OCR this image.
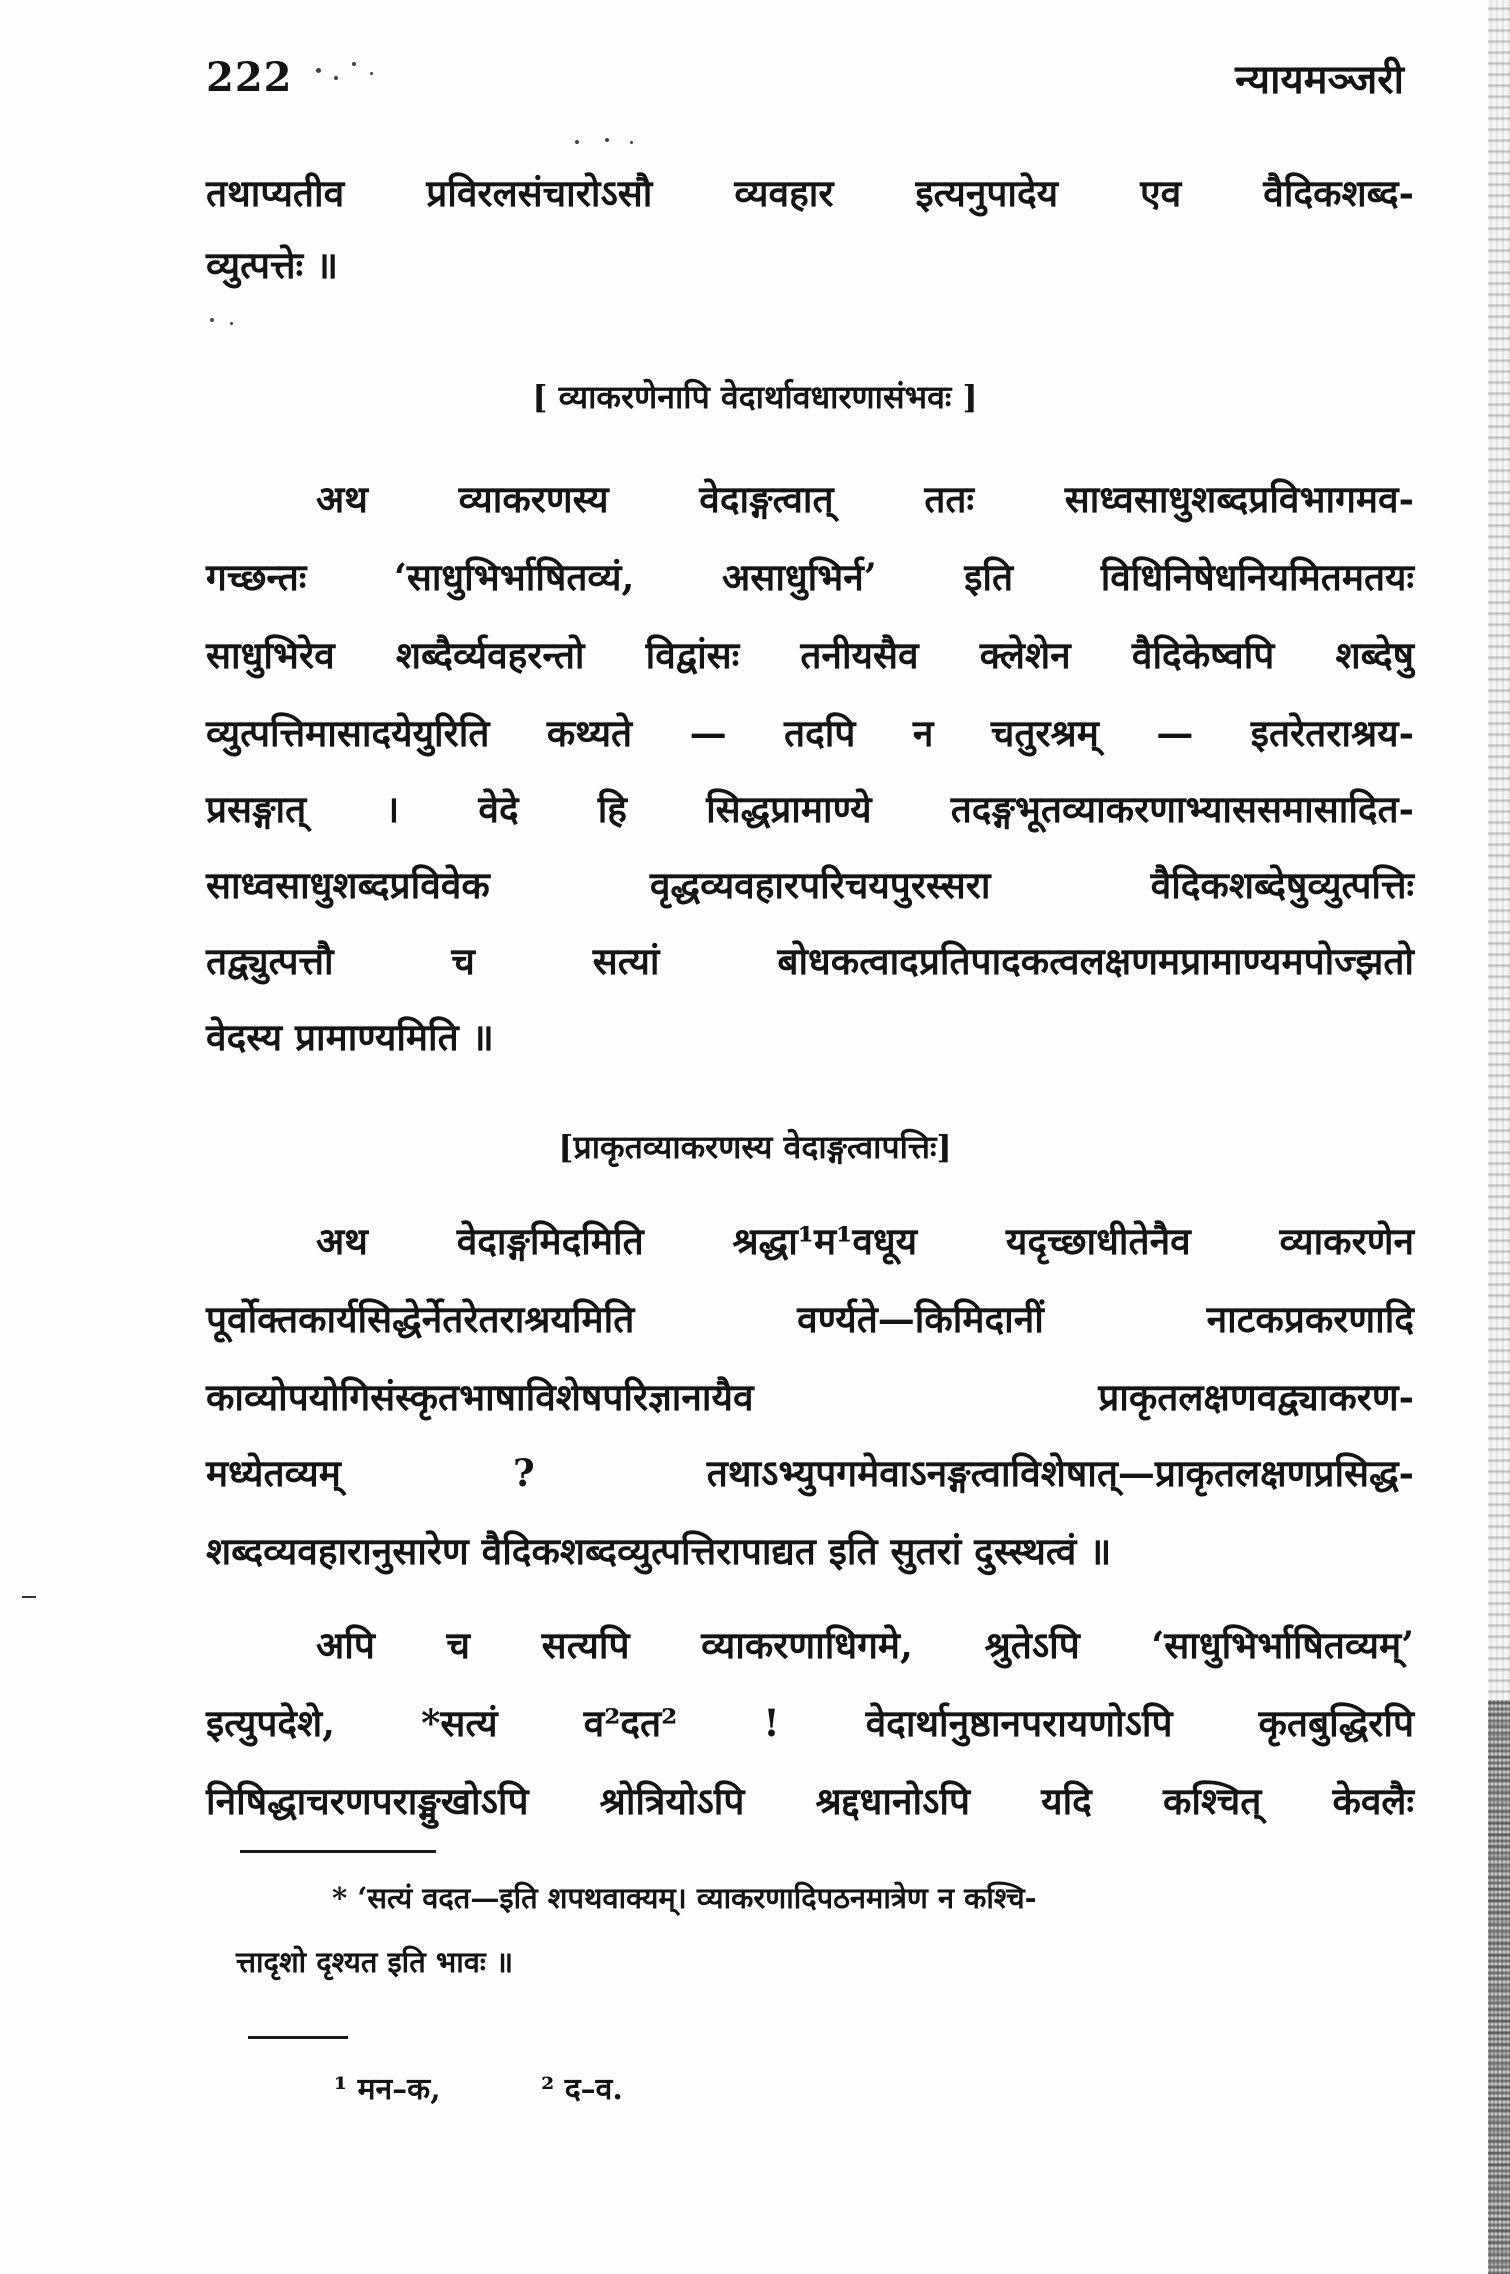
222	न्यायमञ्जरी
तथाप्यतीव प्रविरलसंचारोऽसौ व्यवहार इत्यनुपादेय एव वैदिकशब्द-
व्युत्पत्तेः ॥
[ व्याकरणेनापि वेदार्थावधारणासंभवः ]
अथ व्याकरणस्य वेदाङ्गत्वात् ततः साध्वसाधुशब्दप्रविभागमव-
गच्छन्तः ‘साधुभिर्भाषितव्यं, असाधुभिर्न’ इति विधिनिषेधनियमितमतयः
साधुभिरेव शब्दैर्व्यवहरन्तो विद्वांसः तनीयसैव क्लेशेन वैदिकेष्वपि शब्देषु
व्युत्पत्तिमासादयेयुरिति कथ्यते — तदपि न चतुरश्रम् — इतरेतराश्रय-
प्रसङ्गात् । वेदे हि सिद्धप्रामाण्ये तदङ्गभूतव्याकरणाभ्याससमासादित-
साध्वसाधुशब्दप्रविवेक वृद्धव्यवहारपरिचयपुरस्सरा वैदिकशब्देषुव्युत्पत्तिः
तद्व्युत्पत्तौ च सत्यां बोधकत्वादप्रतिपादकत्वलक्षणमप्रामाण्यमपोज्झतो
वेदस्य प्रामाण्यमिति ॥
[प्राकृतव्याकरणस्य वेदाङ्गत्वापत्तिः]
अथ वेदाङ्गमिदमिति श्रद्धा¹म¹वधूय यदृच्छाधीतेनैव व्याकरणेन
पूर्वोक्तकार्यसिद्धेर्नेतरेतराश्रयमिति वर्ण्यते—किमिदानीं नाटकप्रकरणादि
काव्योपयोगिसंस्कृतभाषाविशेषपरिज्ञानायैव प्राकृतलक्षणवद्व्याकरण-
मध्येतव्यम् ? तथाऽभ्युपगमेवाऽनङ्गत्वाविशेषात्—प्राकृतलक्षणप्रसिद्ध-
शब्दव्यवहारानुसारेण वैदिकशब्दव्युत्पत्तिरापाद्यत इति सुतरां दुस्स्थत्वं ॥
अपि च सत्यपि व्याकरणाधिगमे, श्रुतेऽपि ‘साधुभिर्भाषितव्यम्’
इत्युपदेशे, *सत्यं व²दत² ! वेदार्थानुष्ठानपरायणोऽपि कृतबुद्धिरपि
निषिद्धाचरणपराङ्मुखोऽपि श्रोत्रियोऽपि श्रद्दधानोऽपि यदि कश्चित् केवलैः
* ‘सत्यं वदत—इति शपथवाक्यम्। व्याकरणादिपठनमात्रेण न कश्चि-
त्तादृशो दृश्यत इति भावः ॥
¹ मन–क,	² द–व.
